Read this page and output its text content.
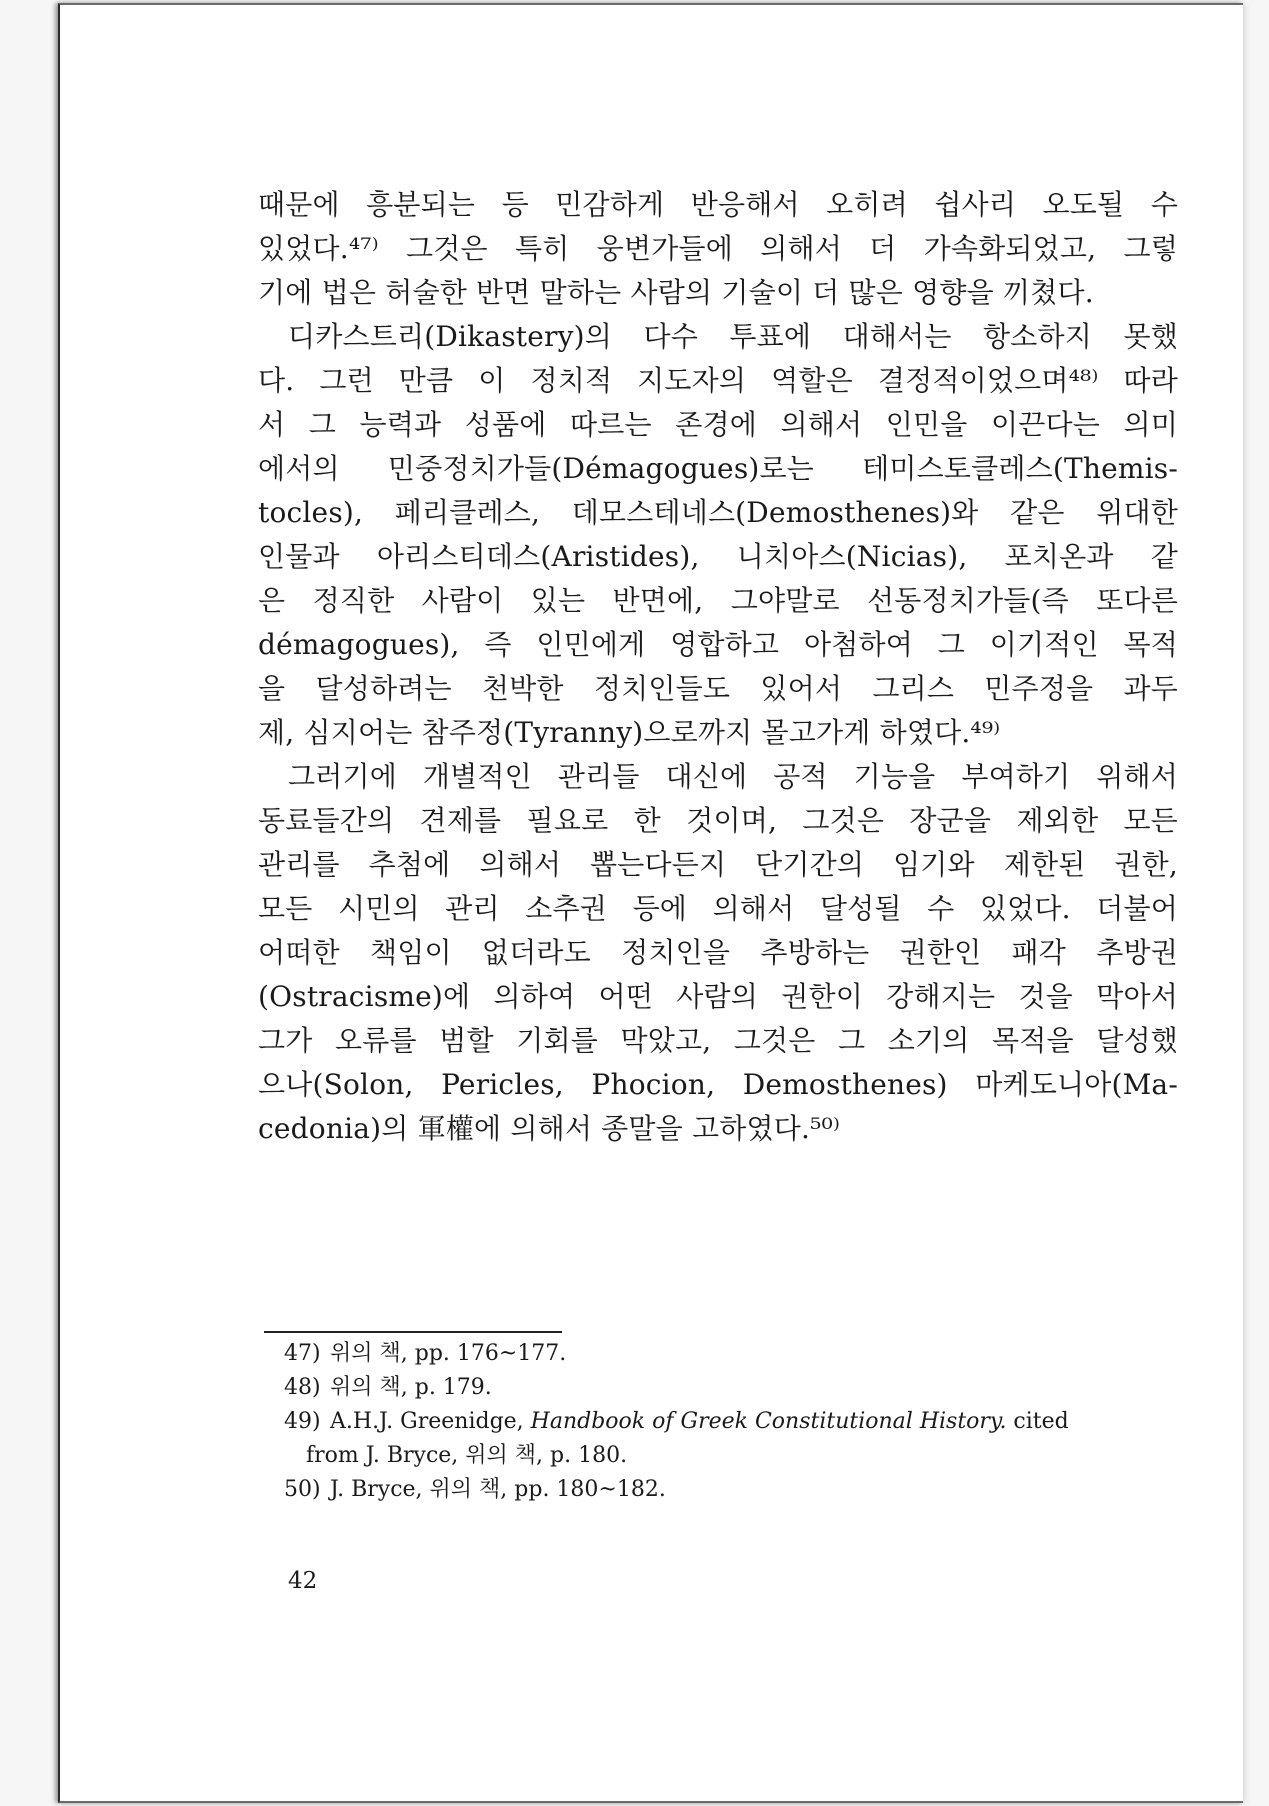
때문에 흥분되는 등 민감하게 반응해서 오히려 쉽사리 오도될 수
있었다.⁴⁷⁾ 그것은 특히 웅변가들에 의해서 더 가속화되었고, 그렇
기에 법은 허술한 반면 말하는 사람의 기술이 더 많은 영향을 끼쳤다.
디카스트리(Dikastery)의 다수 투표에 대해서는 항소하지 못했
다. 그런 만큼 이 정치적 지도자의 역할은 결정적이었으며⁴⁸⁾ 따라
서 그 능력과 성품에 따르는 존경에 의해서 인민을 이끈다는 의미
에서의 민중정치가들(Démagogues)로는 테미스토클레스(Themis-
tocles), 페리클레스, 데모스테네스(Demosthenes)와 같은 위대한
인물과 아리스티데스(Aristides), 니치아스(Nicias), 포치온과 같
은 정직한 사람이 있는 반면에, 그야말로 선동정치가들(즉 또다른
démagogues), 즉 인민에게 영합하고 아첨하여 그 이기적인 목적
을 달성하려는 천박한 정치인들도 있어서 그리스 민주정을 과두
제, 심지어는 참주정(Tyranny)으로까지 몰고가게 하였다.⁴⁹⁾
그러기에 개별적인 관리들 대신에 공적 기능을 부여하기 위해서
동료들간의 견제를 필요로 한 것이며, 그것은 장군을 제외한 모든
관리를 추첨에 의해서 뽑는다든지 단기간의 임기와 제한된 권한,
모든 시민의 관리 소추권 등에 의해서 달성될 수 있었다. 더불어
어떠한 책임이 없더라도 정치인을 추방하는 권한인 패각 추방권
(Ostracisme)에 의하여 어떤 사람의 권한이 강해지는 것을 막아서
그가 오류를 범할 기회를 막았고, 그것은 그 소기의 목적을 달성했
으나(Solon, Pericles, Phocion, Demosthenes) 마케도니아(Ma-
cedonia)의 軍權에 의해서 종말을 고하였다.⁵⁰⁾
47) 위의 책, pp. 176~177.
48) 위의 책, p. 179.
49) A.H.J. Greenidge, Handbook of Greek Constitutional History. cited
from J. Bryce, 위의 책, p. 180.
50) J. Bryce, 위의 책, pp. 180~182.
42
